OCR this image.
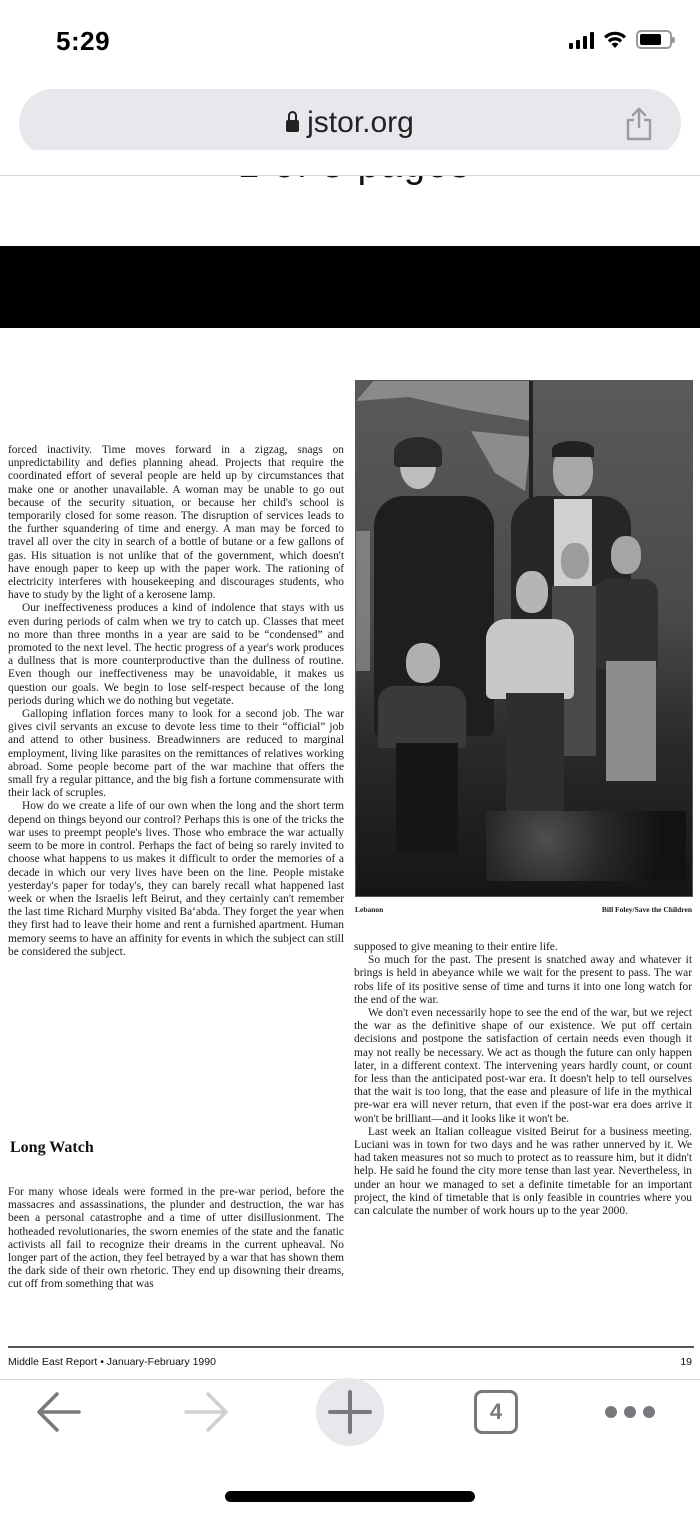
5:29
jstor.org

forced inactivity. Time moves forward in a zigzag, snags on unpredictability and defies planning ahead. Projects that require the coordinated effort of several people are held up by circumstances that make one or another unavailable. A woman may be unable to go out because of the security situation, or because her child's school is temporarily closed for some reason. The disruption of services leads to the further squandering of time and energy. A man may be forced to travel all over the city in search of a bottle of butane or a few gallons of gas. His situation is not unlike that of the government, which doesn't have enough paper to keep up with the paper work. The rationing of electricity interferes with housekeeping and discourages students, who have to study by the light of a kerosene lamp.

Our ineffectiveness produces a kind of indolence that stays with us even during periods of calm when we try to catch up. Classes that meet no more than three months in a year are said to be “condensed” and promoted to the next level. The hectic progress of a year's work produces a dullness that is more counterproductive than the dullness of routine. Even though our ineffectiveness may be unavoidable, it makes us question our goals. We begin to lose self-respect because of the long periods during which we do nothing but vegetate.

Galloping inflation forces many to look for a second job. The war gives civil servants an excuse to devote less time to their “official” job and attend to other business. Breadwinners are reduced to marginal employment, living like parasites on the remittances of relatives working abroad. Some people become part of the war machine that offers the small fry a regular pittance, and the big fish a fortune commensurate with their lack of scruples.

How do we create a life of our own when the long and the short term depend on things beyond our control? Perhaps this is one of the tricks the war uses to preempt people's lives. Those who embrace the war actually seem to be more in control. Perhaps the fact of being so rarely invited to choose what happens to us makes it difficult to order the memories of a decade in which our very lives have been on the line. People mistake yesterday's paper for today's, they can barely recall what happened last week or when the Israelis left Beirut, and they certainly can't remember the last time Richard Murphy visited Ba‘abda. They forget the year when they first had to leave their home and rent a furnished apartment. Human memory seems to have an affinity for events in which the subject can still be considered the subject.

Long Watch

For many whose ideals were formed in the pre-war period, before the massacres and assassinations, the plunder and destruction, the war has been a personal catastrophe and a time of utter disillusionment. The hotheaded revolutionaries, the sworn enemies of the state and the fanatic activists all fail to recognize their dreams in the current upheaval. No longer part of the action, they feel betrayed by a war that has shown them the dark side of their own rhetoric. They end up disowning their dreams, cut off from something that was

Lebanon	Bill Foley/Save the Children

supposed to give meaning to their entire life.

So much for the past. The present is snatched away and whatever it brings is held in abeyance while we wait for the present to pass. The war robs life of its positive sense of time and turns it into one long watch for the end of the war.

We don't even necessarily hope to see the end of the war, but we reject the war as the definitive shape of our existence. We put off certain decisions and postpone the satisfaction of certain needs even though it may not really be necessary. We act as though the future can only happen later, in a different context. The intervening years hardly count, or count for less than the anticipated post-war era. It doesn't help to tell ourselves that the wait is too long, that the ease and pleasure of life in the mythical pre-war era will never return, that even if the post-war era does arrive it won't be brilliant—and it looks like it won't be.

Last week an Italian colleague visited Beirut for a business meeting. Luciani was in town for two days and he was rather unnerved by it. We had taken measures not so much to protect as to reassure him, but it didn't help. He said he found the city more tense than last year. Nevertheless, in under an hour we managed to set a definite timetable for an important project, the kind of timetable that is only feasible in countries where you can calculate the number of work hours up to the year 2000.

Middle East Report • January-February 1990	19
4
